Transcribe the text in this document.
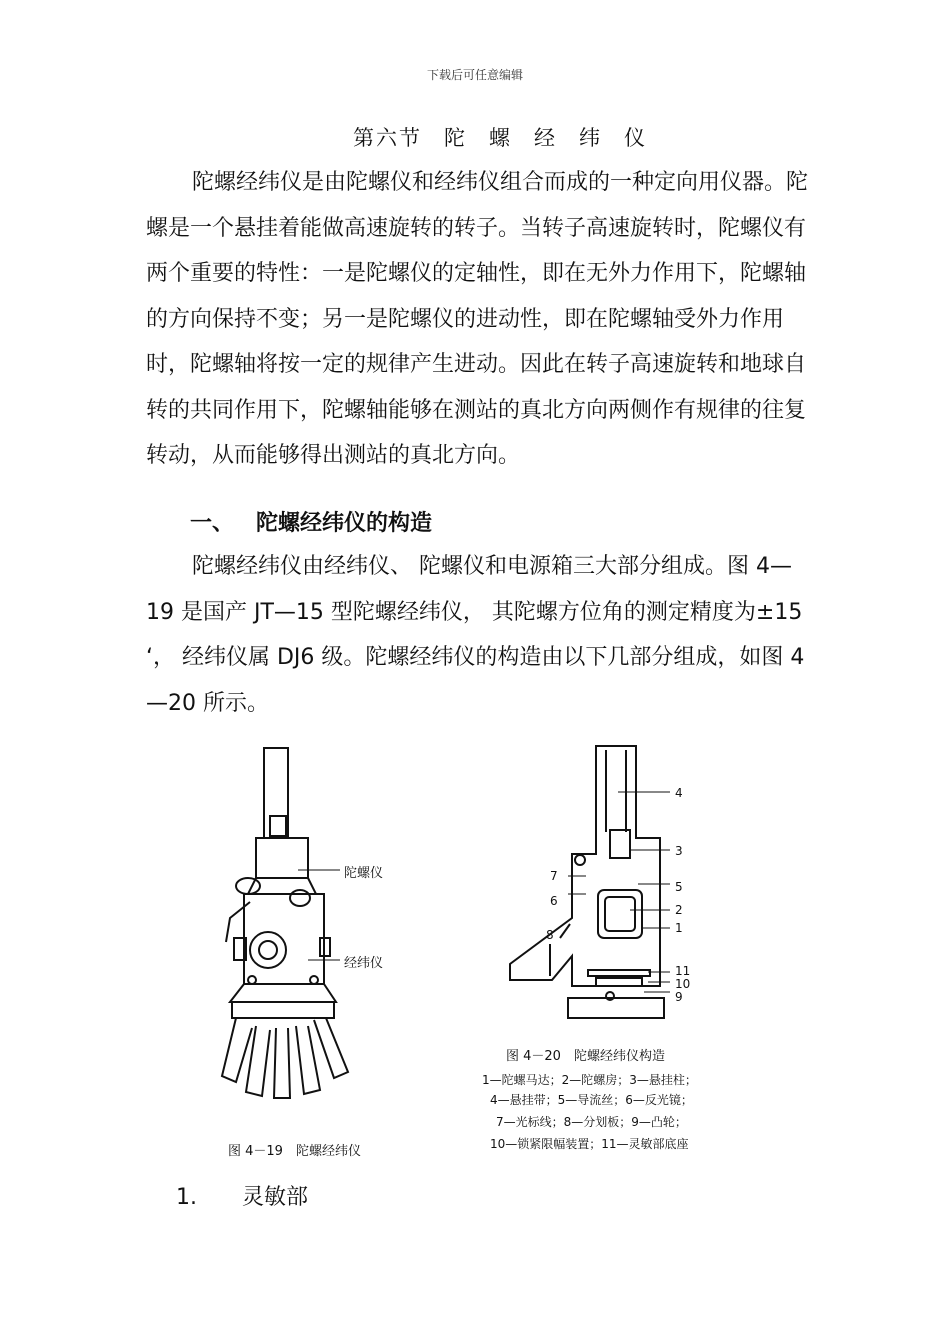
下载后可任意编辑
第六节 陀 螺 经 纬 仪

陀螺经纬仪是由陀螺仪和经纬仪组合而成的一种定向用仪器。陀螺是一个悬挂着能做高速旋转的转子。当转子高速旋转时，陀螺仪有两个重要的特性：一是陀螺仪的定轴性，即在无外力作用下，陀螺轴的方向保持不变；另一是陀螺仪的进动性，即在陀螺轴受外力作用时，陀螺轴将按一定的规律产生进动。因此在转子高速旋转和地球自转的共同作用下，陀螺轴能够在测站的真北方向两侧作有规律的往复转动，从而能够得出测站的真北方向。

一、 陀螺经纬仪的构造

陀螺经纬仪由经纬仪、 陀螺仪和电源箱三大部分组成。图 4—19 是国产 JT—15 型陀螺经纬仪， 其陀螺方位角的测定精度为±15 ‘， 经纬仪属 DJ6 级。陀螺经纬仪的构造由以下几部分组成，如图 4—20 所示。

陀螺仪
经纬仪
图 4－19　陀螺经纬仪
4
3
7
5
6
2
1
8
11
10
9
图 4－20　陀螺经纬仪构造
1—陀螺马达；2—陀螺房；3—悬挂柱；
4—悬挂带；5—导流丝；6—反光镜；
7—光标线；8—分划板；9—凸轮；
10—锁紧限幅装置；11—灵敏部底座
1. 灵敏部
